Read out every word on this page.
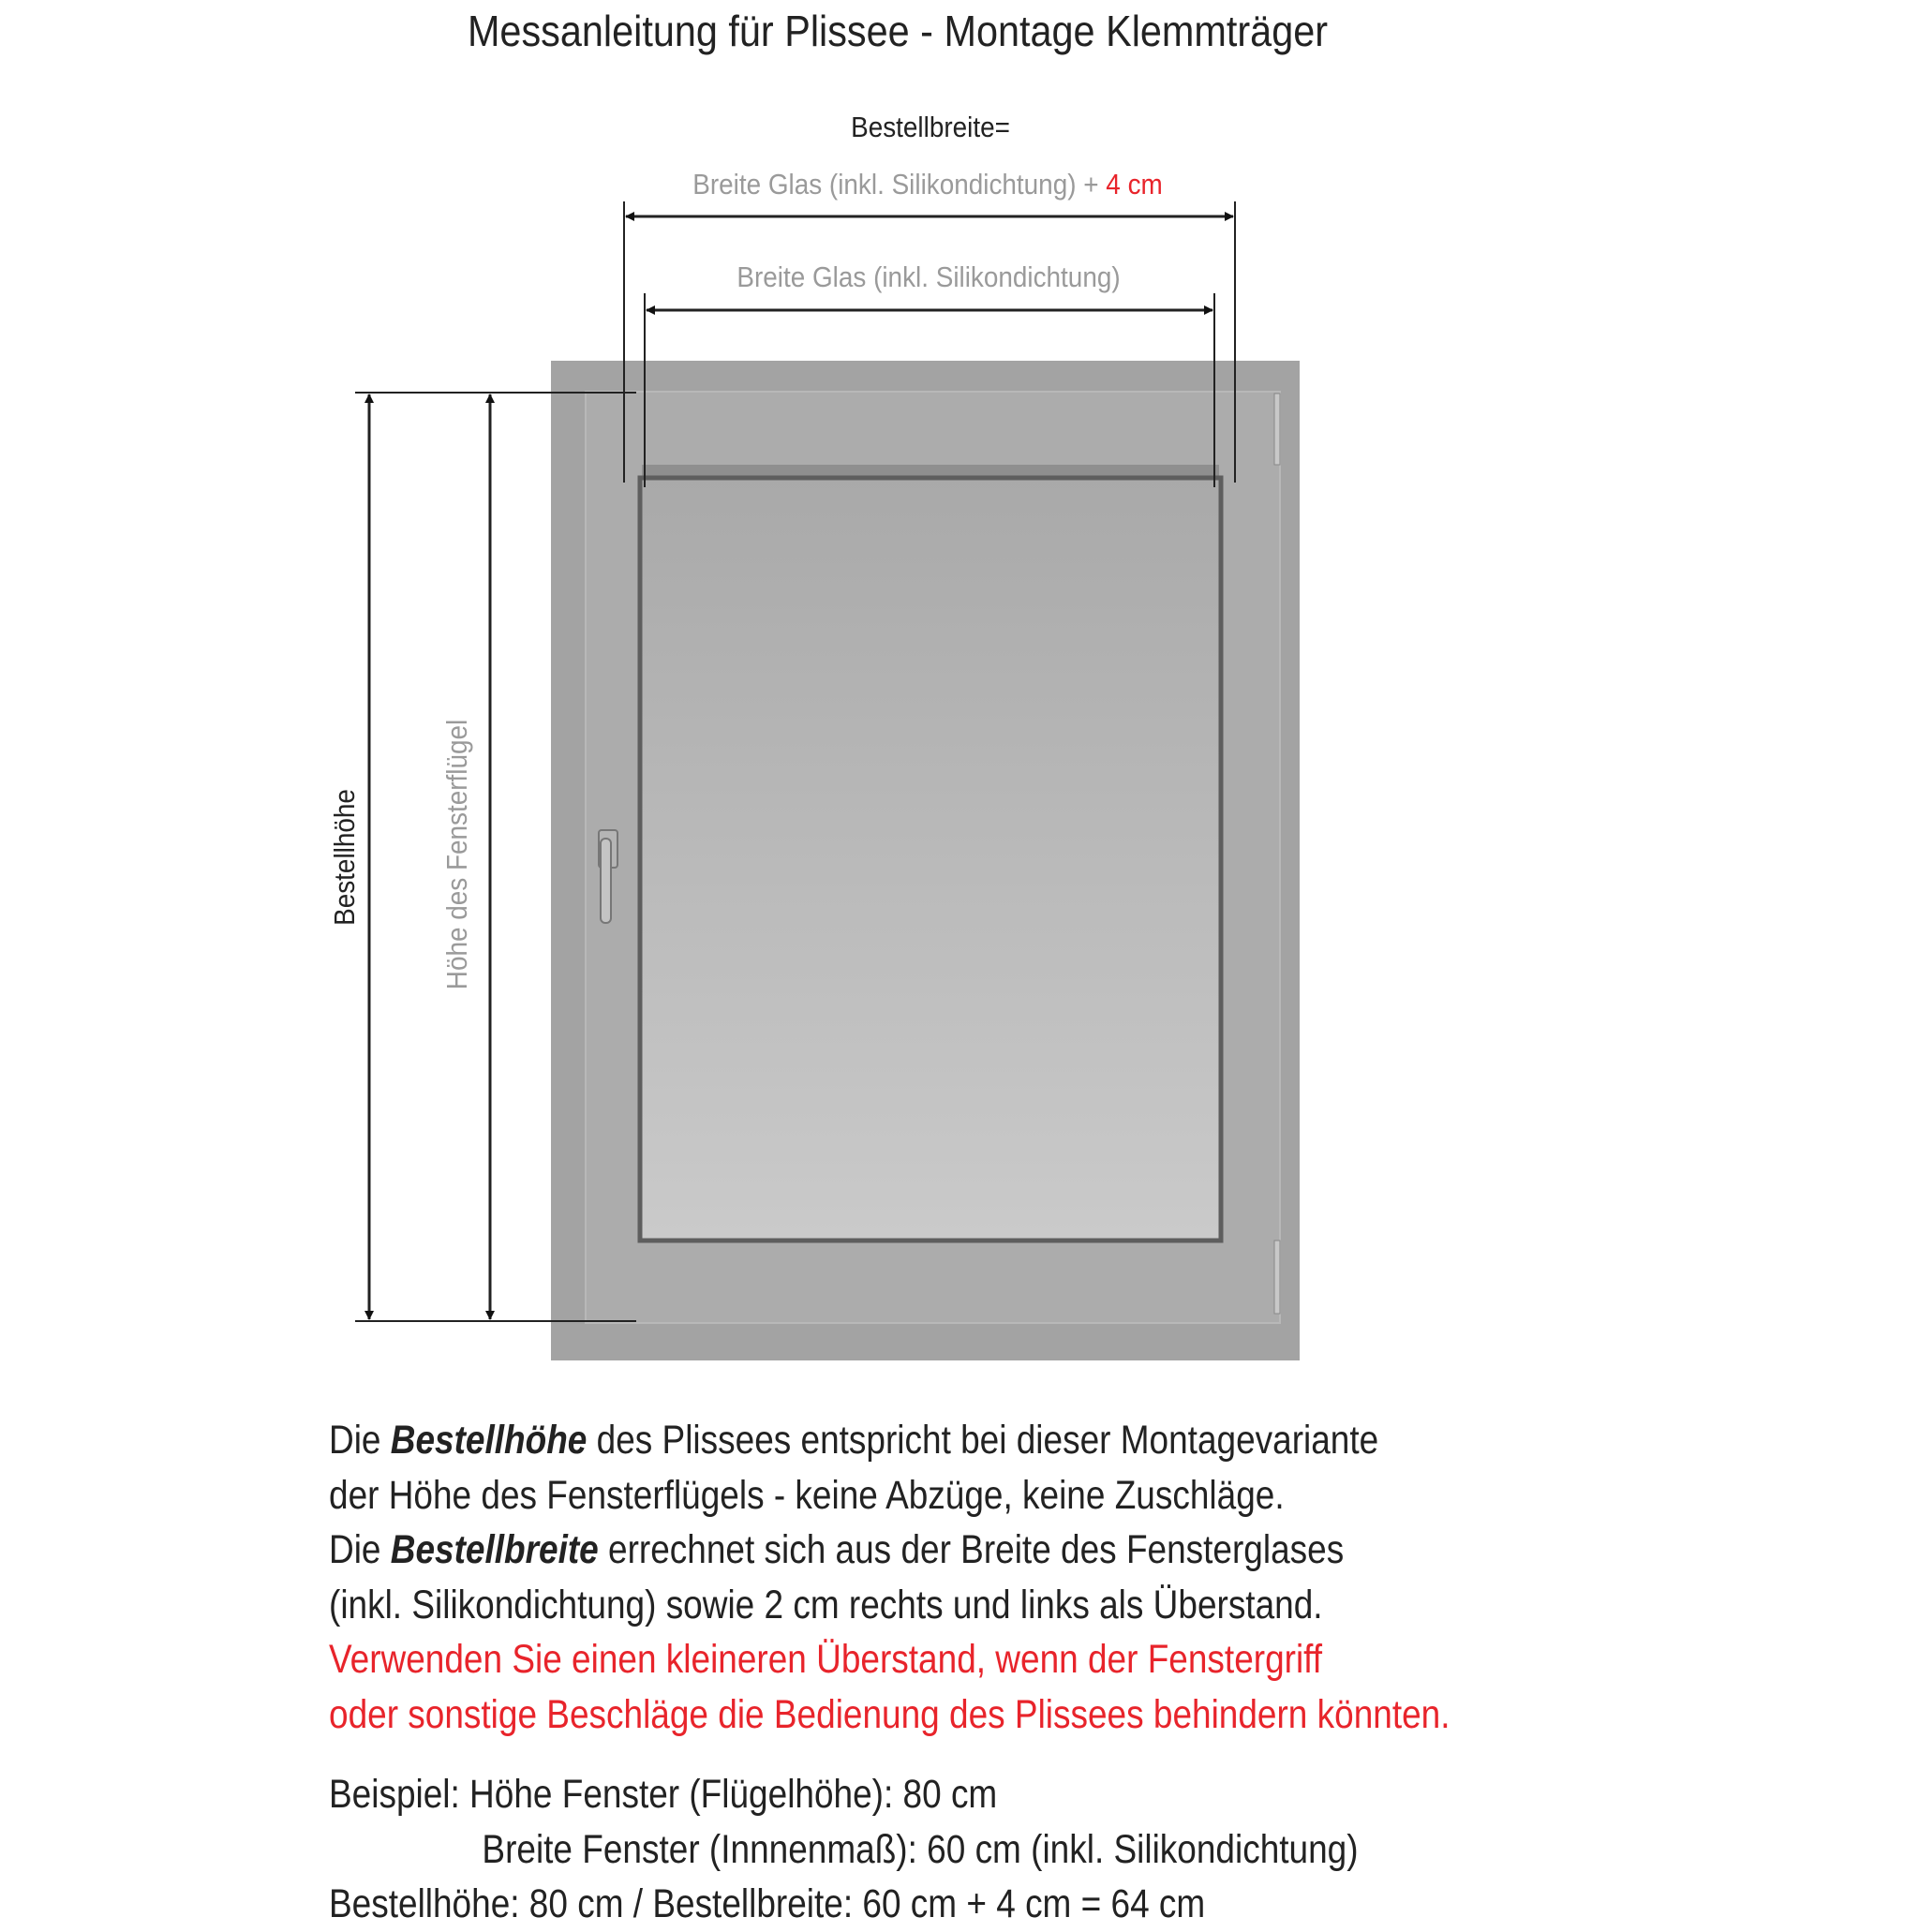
Messanleitung für Plissee - Montage Klemmträger
Bestellbreite=
Breite Glas (inkl. Silikondichtung) + 4 cm
Breite Glas (inkl. Silikondichtung)
Bestellhöhe	Höhe des Fensterflügel
Die Bestellhöhe des Plissees entspricht bei dieser Montagevariante
der Höhe des Fensterflügels - keine Abzüge, keine Zuschläge.
Die Bestellbreite errechnet sich aus der Breite des Fensterglases
(inkl. Silikondichtung) sowie 2 cm rechts und links als Überstand.
Verwenden Sie einen kleineren Überstand, wenn der Fenstergriff
oder sonstige Beschläge die Bedienung des Plissees behindern könnten.
Beispiel: Höhe Fenster (Flügelhöhe): 80 cm
Breite Fenster (Innnenmaß): 60 cm (inkl. Silikondichtung)
Bestellhöhe: 80 cm / Bestellbreite: 60 cm + 4 cm = 64 cm
